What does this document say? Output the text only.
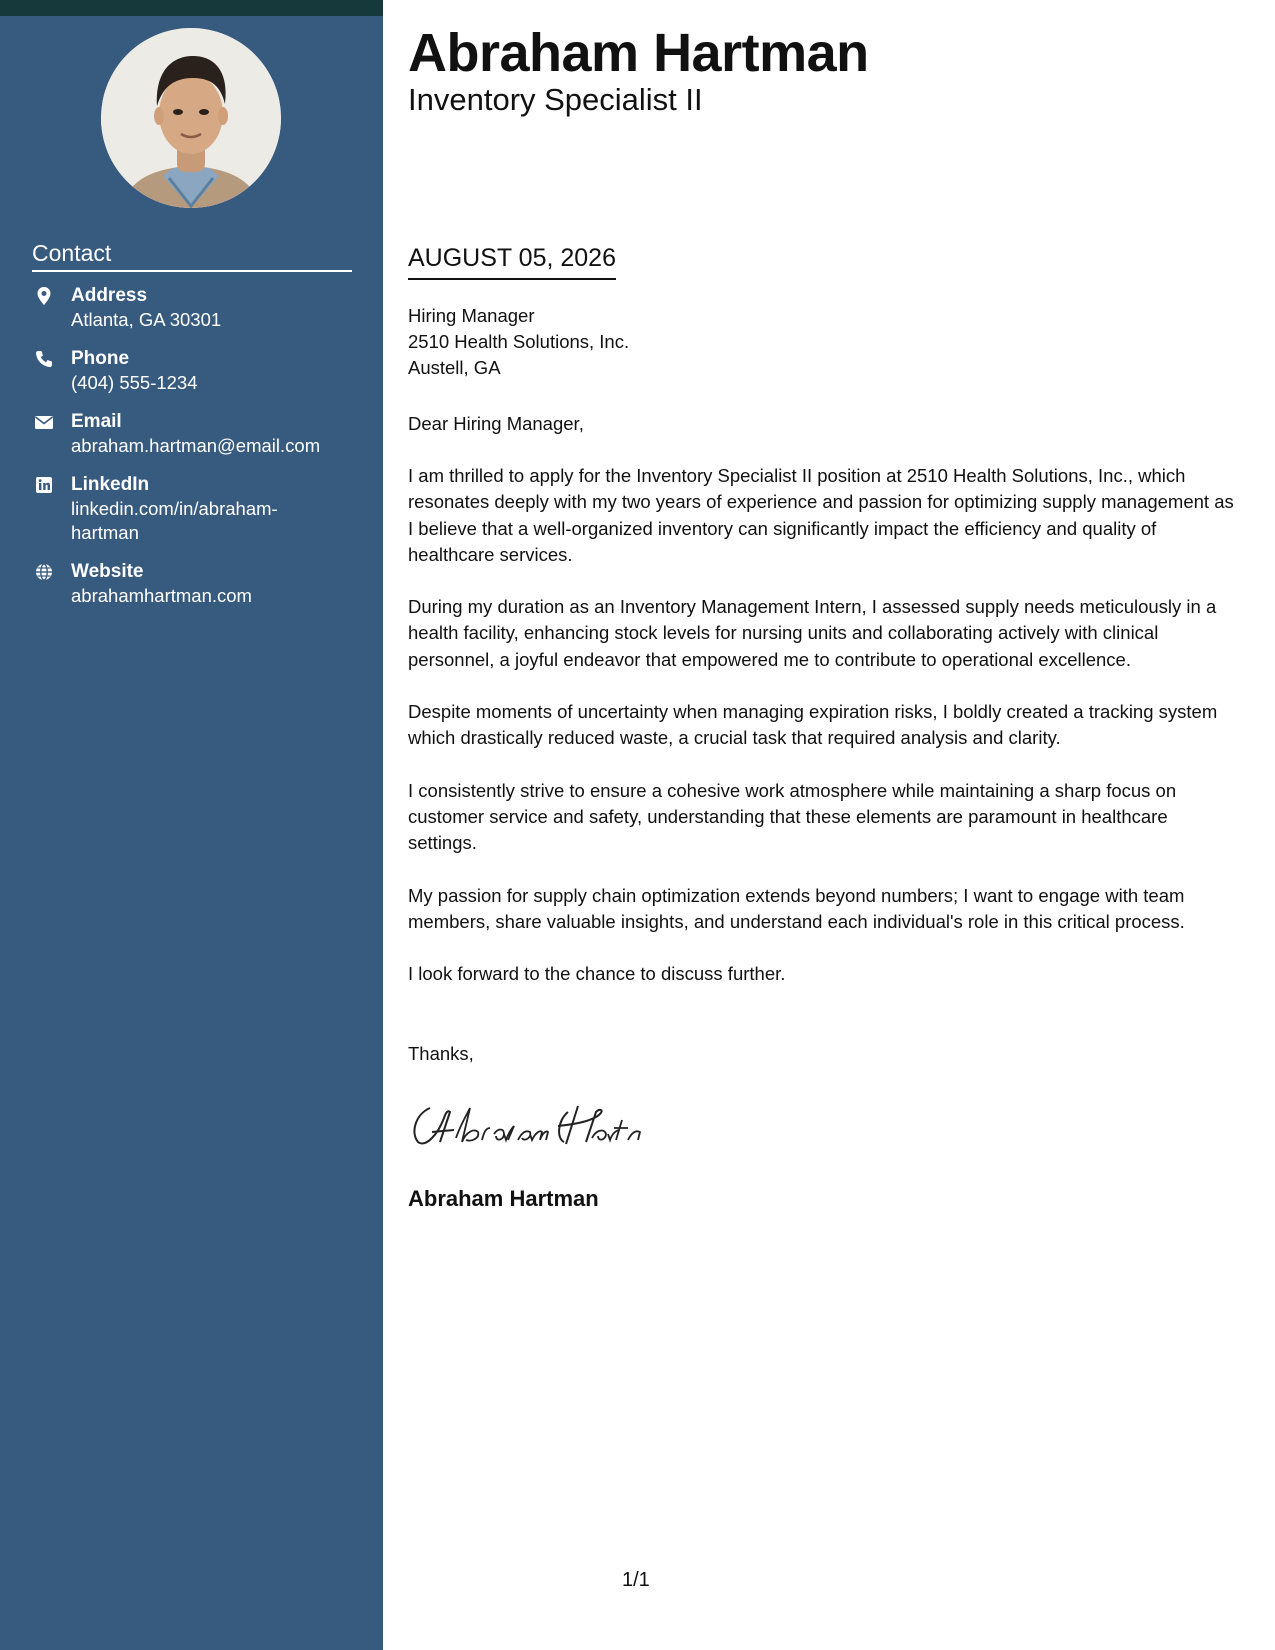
Contact
Address
Atlanta, GA 30301
Phone
(404) 555-1234
Email
abraham.hartman@email.com
LinkedIn
linkedin.com/in/abraham-hartman
Website
abrahamhartman.com
Abraham Hartman
Inventory Specialist II
AUGUST 05, 2026
Hiring Manager
2510 Health Solutions, Inc.
Austell, GA
Dear Hiring Manager,

I am thrilled to apply for the Inventory Specialist II position at 2510 Health Solutions, Inc., which resonates deeply with my two years of experience and passion for optimizing supply management as I believe that a well-organized inventory can significantly impact the efficiency and quality of healthcare services.

During my duration as an Inventory Management Intern, I assessed supply needs meticulously in a health facility, enhancing stock levels for nursing units and collaborating actively with clinical personnel, a joyful endeavor that empowered me to contribute to operational excellence.

Despite moments of uncertainty when managing expiration risks, I boldly created a tracking system which drastically reduced waste, a crucial task that required analysis and clarity.

I consistently strive to ensure a cohesive work atmosphere while maintaining a sharp focus on customer service and safety, understanding that these elements are paramount in healthcare settings.

My passion for supply chain optimization extends beyond numbers; I want to engage with team members, share valuable insights, and understand each individual's role in this critical process.

I look forward to the chance to discuss further.

Thanks,
Abraham Hartman
1/1
